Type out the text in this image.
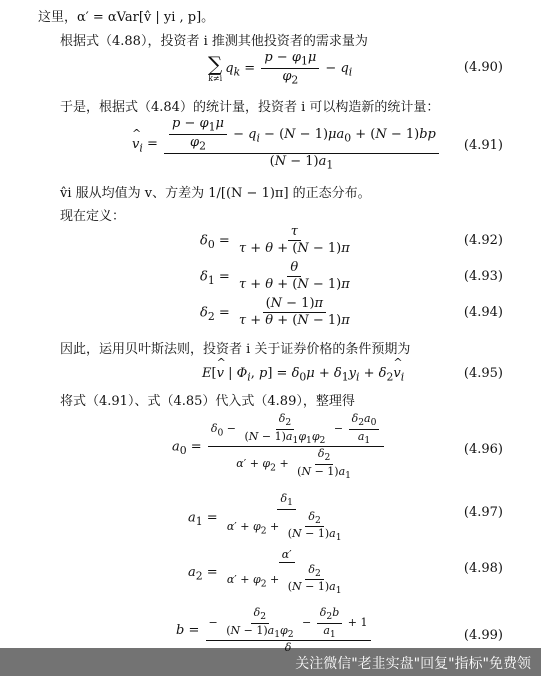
这里，α′ = αVar[v̂ | yi , p]。
根据式（4.88），投资者 i 推测其他投资者的需求量为
∑
k≠i
$q_k = \frac{p - \varphi_1\mu}{\varphi_2} - q_i$	(4.90)
于是，根据式（4.84）的统计量，投资者 i 可以构造新的统计量：
^ $v_i = \frac{\frac{p - \varphi_1\mu}{\varphi_2} - q_i - (N - 1)\mu a_0 + (N - 1)bp}{(N - 1)a_1} (4.91)$
v̂i 服从均值为 v、方差为 1/[(N − 1)π] 的正态分布。
现在定义：
$\delta_0 = \frac{\tau}{\tau + \theta + (N - 1)\pi}$	(4.92)
$\delta_1 = \frac{\theta}{\tau + \theta + (N - 1)\pi}$	(4.93)
$\delta_2 = \frac{(N - 1)\pi}{\tau + \theta + (N - 1)\pi}$	(4.94)
因此，运用贝叶斯法则，投资者 i 关于证券价格的条件预期为
E[^ v | $\Phi_i$, $p] = \delta_0\mu + \delta_1y_i$ + $\delta_2\^{}$ $v_i$	(4.95)
将式（4.91）、式（4.85）代入式（4.89），整理得
$a_0 = \frac{\delta_0 - \frac{\delta_2}{(N - 1)a_1\varphi_1\varphi_2} - \frac{\delta_2a_0}{a_1}}{\alpha' + \varphi_2 + \frac{\delta_2}{(N - 1)a_1}}$	(4.96)
$a_1 = \frac{\delta_1}{\alpha' + \varphi_2 + \frac{\delta_2}{(N - 1)a_1}}$	(4.97)
$a_2 = \frac{\alpha'}{\alpha' + \varphi_2 + \frac{\delta_2}{(N - 1)a_1}}$	(4.98)
b =
− $\frac{\delta_2}{(N - 1)a_1\varphi_2} - \frac{\delta_2b}{a_1} + 1$
(4.99)
关注微信"老韭实盘"回复"指标"免费领
